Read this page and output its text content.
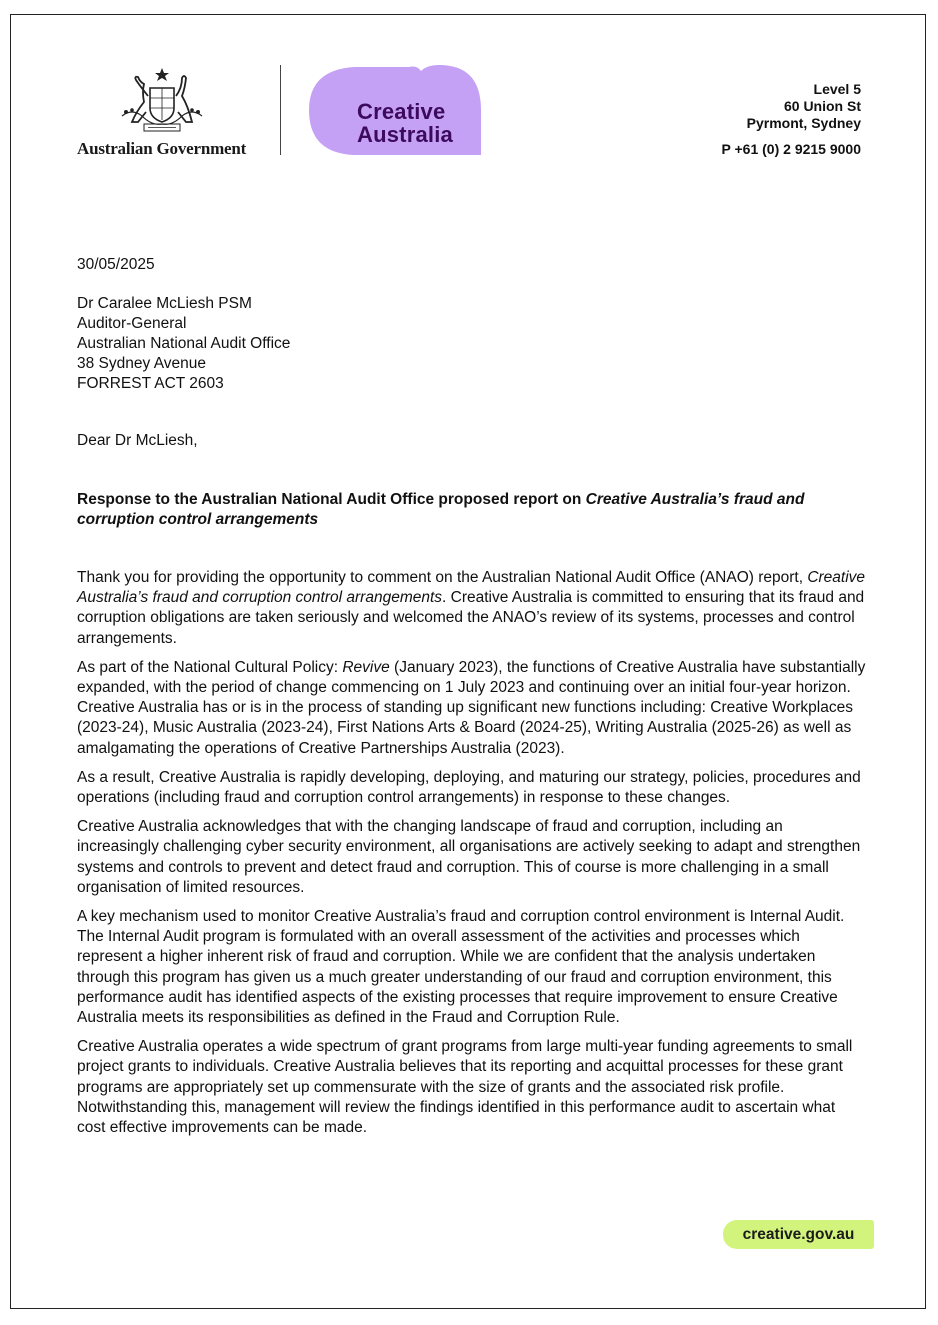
Australian Government
Creative
Australia
Level 5
60 Union St
Pyrmont, Sydney
P +61 (0) 2 9215 9000
30/05/2025
Dr Caralee McLiesh PSM
Auditor-General
Australian National Audit Office
38 Sydney Avenue
FORREST ACT 2603
Dear Dr McLiesh,
Response to the Australian National Audit Office proposed report on Creative Australia’s fraud and corruption control arrangements

Thank you for providing the opportunity to comment on the Australian National Audit Office (ANAO) report, Creative Australia’s fraud and corruption control arrangements. Creative Australia is committed to ensuring that its fraud and corruption obligations are taken seriously and welcomed the ANAO’s review of its systems, processes and control arrangements.

As part of the National Cultural Policy: Revive (January 2023), the functions of Creative Australia have substantially expanded, with the period of change commencing on 1 July 2023 and continuing over an initial four-year horizon. Creative Australia has or is in the process of standing up significant new functions including: Creative Workplaces (2023-24), Music Australia (2023-24), First Nations Arts & Board (2024-25), Writing Australia (2025-26) as well as amalgamating the operations of Creative Partnerships Australia (2023).

As a result, Creative Australia is rapidly developing, deploying, and maturing our strategy, policies, procedures and operations (including fraud and corruption control arrangements) in response to these changes.

Creative Australia acknowledges that with the changing landscape of fraud and corruption, including an increasingly challenging cyber security environment, all organisations are actively seeking to adapt and strengthen systems and controls to prevent and detect fraud and corruption. This of course is more challenging in a small organisation of limited resources.

A key mechanism used to monitor Creative Australia’s fraud and corruption control environment is Internal Audit. The Internal Audit program is formulated with an overall assessment of the activities and processes which represent a higher inherent risk of fraud and corruption. While we are confident that the analysis undertaken through this program has given us a much greater understanding of our fraud and corruption environment, this performance audit has identified aspects of the existing processes that require improvement to ensure Creative Australia meets its responsibilities as defined in the Fraud and Corruption Rule.

Creative Australia operates a wide spectrum of grant programs from large multi-year funding agreements to small project grants to individuals. Creative Australia believes that its reporting and acquittal processes for these grant programs are appropriately set up commensurate with the size of grants and the associated risk profile. Notwithstanding this, management will review the findings identified in this performance audit to ascertain what cost effective improvements can be made.

creative.gov.au
